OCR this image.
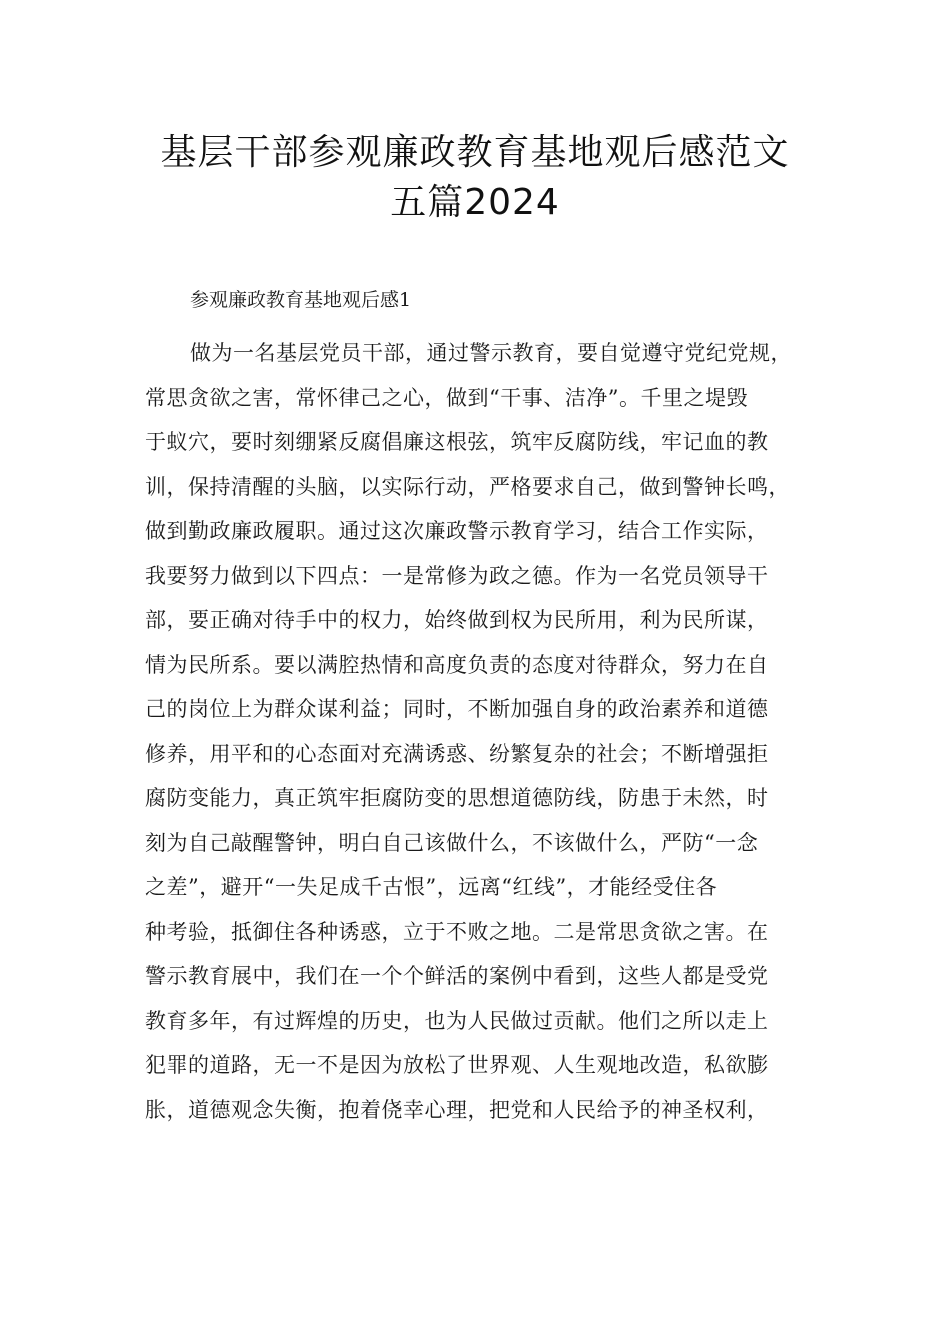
基层干部参观廉政教育基地观后感范文
五篇2024
参观廉政教育基地观后感1
做为一名基层党员干部，通过警示教育，要自觉遵守党纪党规，
常思贪欲之害，常怀律己之心，做到“干事、洁净”。千里之堤毁
于蚁穴，要时刻绷紧反腐倡廉这根弦，筑牢反腐防线，牢记血的教
训，保持清醒的头脑，以实际行动，严格要求自己，做到警钟长鸣，
做到勤政廉政履职。通过这次廉政警示教育学习，结合工作实际，
我要努力做到以下四点：一是常修为政之德。作为一名党员领导干
部，要正确对待手中的权力，始终做到权为民所用，利为民所谋，
情为民所系。要以满腔热情和高度负责的态度对待群众，努力在自
己的岗位上为群众谋利益；同时，不断加强自身的政治素养和道德
修养，用平和的心态面对充满诱惑、纷繁复杂的社会；不断增强拒
腐防变能力，真正筑牢拒腐防变的思想道德防线，防患于未然，时
刻为自己敲醒警钟，明白自己该做什么，不该做什么，严防“一念
之差”，避开“一失足成千古恨”，远离“红线”，才能经受住各
种考验，抵御住各种诱惑，立于不败之地。二是常思贪欲之害。在
警示教育展中，我们在一个个鲜活的案例中看到，这些人都是受党
教育多年，有过辉煌的历史，也为人民做过贡献。他们之所以走上
犯罪的道路，无一不是因为放松了世界观、人生观地改造，私欲膨
胀，道德观念失衡，抱着侥幸心理，把党和人民给予的神圣权利，
